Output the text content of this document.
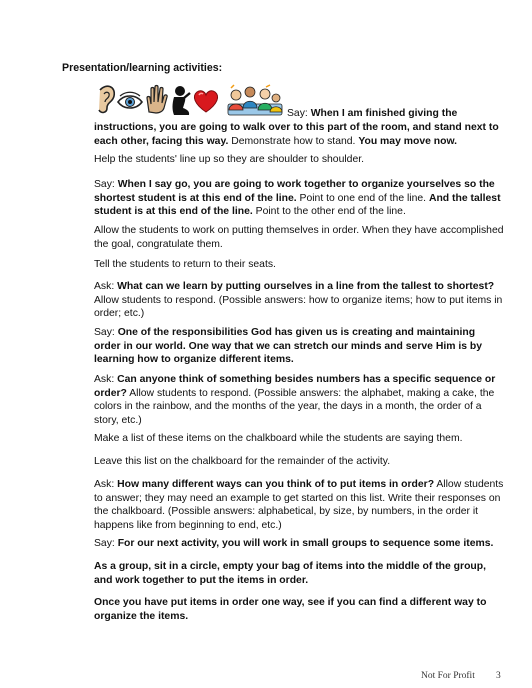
Presentation/learning activities:
Say: When I am finished giving the

instructions, you are going to walk over to this part of the room, and stand next to each other, facing this way. Demonstrate how to stand. You may move now.

Help the students' line up so they are shoulder to shoulder.

Say: When I say go, you are going to work together to organize yourselves so the shortest student is at this end of the line. Point to one end of the line. And the tallest student is at this end of the line. Point to the other end of the line.

Allow the students to work on putting themselves in order. When they have accomplished the goal, congratulate them.

Tell the students to return to their seats.

Ask: What can we learn by putting ourselves in a line from the tallest to shortest? Allow students to respond. (Possible answers: how to organize items; how to put items in order; etc.)

Say: One of the responsibilities God has given us is creating and maintaining order in our world. One way that we can stretch our minds and serve Him is by learning how to organize different items.

Ask: Can anyone think of something besides numbers has a specific sequence or order? Allow students to respond. (Possible answers: the alphabet, making a cake, the colors in the rainbow, and the months of the year, the days in a month, the order of a story, etc.)

Make a list of these items on the chalkboard while the students are saying them.

Leave this list on the chalkboard for the remainder of the activity.

Ask: How many different ways can you think of to put items in order? Allow students to answer; they may need an example to get started on this list. Write their responses on the chalkboard. (Possible answers: alphabetical, by size, by numbers, in the order it happens like from beginning to end, etc.)

Say: For our next activity, you will work in small groups to sequence some items.

As a group, sit in a circle, empty your bag of items into the middle of the group, and work together to put the items in order.

Once you have put items in order one way, see if you can find a different way to organize the items.

Not For Profit 3
